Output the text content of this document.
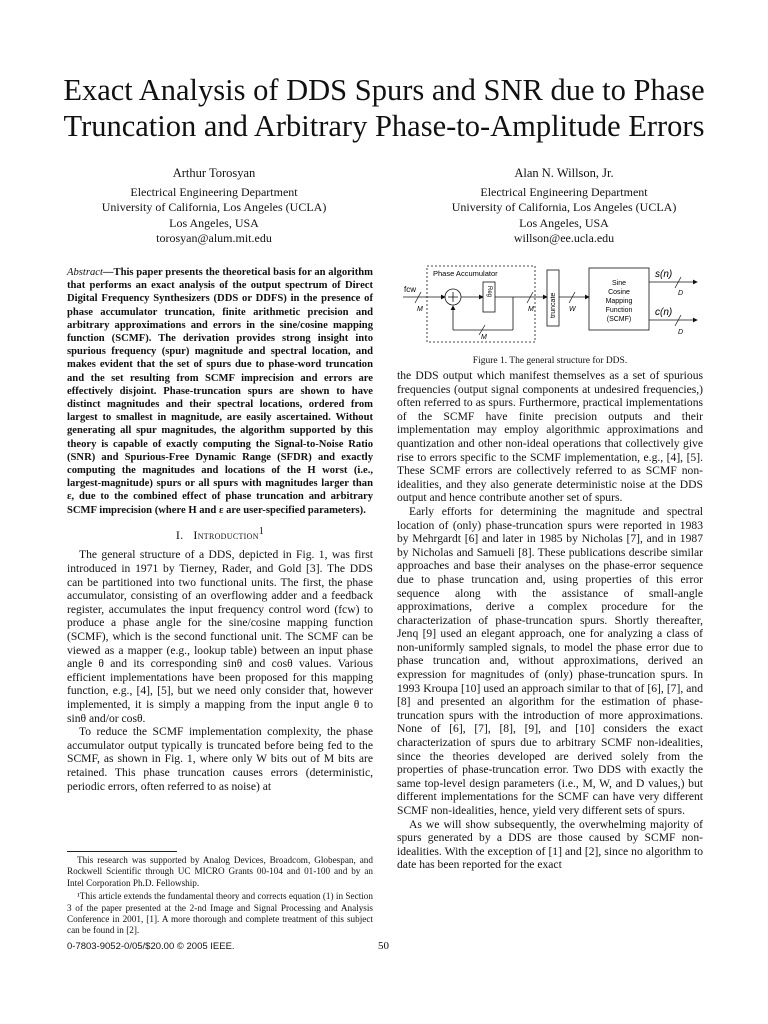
Exact Analysis of DDS Spurs and SNR due to Phase
Truncation and Arbitrary Phase-to-Amplitude Errors
Arthur Torosyan
Electrical Engineering Department
University of California, Los Angeles (UCLA)
Los Angeles, USA
torosyan@alum.mit.edu
Alan N. Willson, Jr.
Electrical Engineering Department
University of California, Los Angeles (UCLA)
Los Angeles, USA
willson@ee.ucla.edu
Abstract—This paper presents the theoretical basis for an algorithm that performs an exact analysis of the output spectrum of Direct Digital Frequency Synthesizers (DDS or DDFS) in the presence of phase accumulator truncation, finite arithmetic precision and arbitrary approximations and errors in the sine/cosine mapping function (SCMF). The derivation provides strong insight into spurious frequency (spur) magnitude and spectral location, and makes evident that the set of spurs due to phase-word truncation and the set resulting from SCMF imprecision and errors are effectively disjoint. Phase-truncation spurs are shown to have distinct magnitudes and their spectral locations, ordered from largest to smallest in magnitude, are easily ascertained. Without generating all spur magnitudes, the algorithm supported by this theory is capable of exactly computing the Signal-to-Noise Ratio (SNR) and Spurious-Free Dynamic Range (SFDR) and exactly computing the magnitudes and locations of the H worst (i.e., largest-magnitude) spurs or all spurs with magnitudes larger than ε, due to the combined effect of phase truncation and arbitrary SCMF imprecision (where H and ε are user-specified parameters).
I. Introduction$^1$

The general structure of a DDS, depicted in Fig. 1, was first introduced in 1971 by Tierney, Rader, and Gold [3]. The DDS can be partitioned into two functional units. The first, the phase accumulator, consisting of an overflowing adder and a feedback register, accumulates the input frequency control word (fcw) to produce a phase angle for the sine/cosine mapping function (SCMF), which is the second functional unit. The SCMF can be viewed as a mapper (e.g., lookup table) between an input phase angle θ and its corresponding sinθ and cosθ values. Various efficient implementations have been proposed for this mapping function, e.g., [4], [5], but we need only consider that, however implemented, it is simply a mapping from the input angle θ to sinθ and/or cosθ.

To reduce the SCMF implementation complexity, the phase accumulator output typically is truncated before being fed to the SCMF, as shown in Fig. 1, where only W bits out of M bits are retained. This phase truncation causes errors (deterministic, periodic errors, often referred to as noise) at

This research was supported by Analog Devices, Broadcom, Globespan, and Rockwell Scientific through UC MICRO Grants 00-104 and 01-100 and by an Intel Corporation Ph.D. Fellowship.

¹This article extends the fundamental theory and corrects equation (1) in Section 3 of the paper presented at the 2-nd Image and Signal Processing and Analysis Conference in 2001, [1]. A more thorough and complete treatment of this subject can be found in [2].

0-7803-9052-0/05/$20.00 © 2005 IEEE.	50
Phase Accumulator
fcw
M
Reg
M
M truncate W
Sine
Cosine
Mapping
Function
(SCMF)
s(n)
D
c(n)
D
Figure 1. The general structure for DDS.

the DDS output which manifest themselves as a set of spurious frequencies (output signal components at undesired frequencies,) often referred to as spurs. Furthermore, practical implementations of the SCMF have finite precision outputs and their implementation may employ algorithmic approximations and quantization and other non-ideal operations that collectively give rise to errors specific to the SCMF implementation, e.g., [4], [5]. These SCMF errors are collectively referred to as SCMF non-idealities, and they also generate deterministic noise at the DDS output and hence contribute another set of spurs.

Early efforts for determining the magnitude and spectral location of (only) phase-truncation spurs were reported in 1983 by Mehrgardt [6] and later in 1985 by Nicholas [7], and in 1987 by Nicholas and Samueli [8]. These publications describe similar approaches and base their analyses on the phase-error sequence due to phase truncation and, using properties of this error sequence along with the assistance of small-angle approximations, derive a complex procedure for the characterization of phase-truncation spurs. Shortly thereafter, Jenq [9] used an elegant approach, one for analyzing a class of non-uniformly sampled signals, to model the phase error due to phase truncation and, without approximations, derived an expression for magnitudes of (only) phase-truncation spurs. In 1993 Kroupa [10] used an approach similar to that of [6], [7], and [8] and presented an algorithm for the estimation of phase-truncation spurs with the introduction of more approximations. None of [6], [7], [8], [9], and [10] considers the exact characterization of spurs due to arbitrary SCMF non-idealities, since the theories developed are derived solely from the properties of phase-truncation error. Two DDS with exactly the same top-level design parameters (i.e., M, W, and D values,) but different implementations for the SCMF can have very different SCMF non-idealities, hence, yield very different sets of spurs.

As we will show subsequently, the overwhelming majority of spurs generated by a DDS are those caused by SCMF non-idealities. With the exception of [1] and [2], since no algorithm to date has been reported for the exact
